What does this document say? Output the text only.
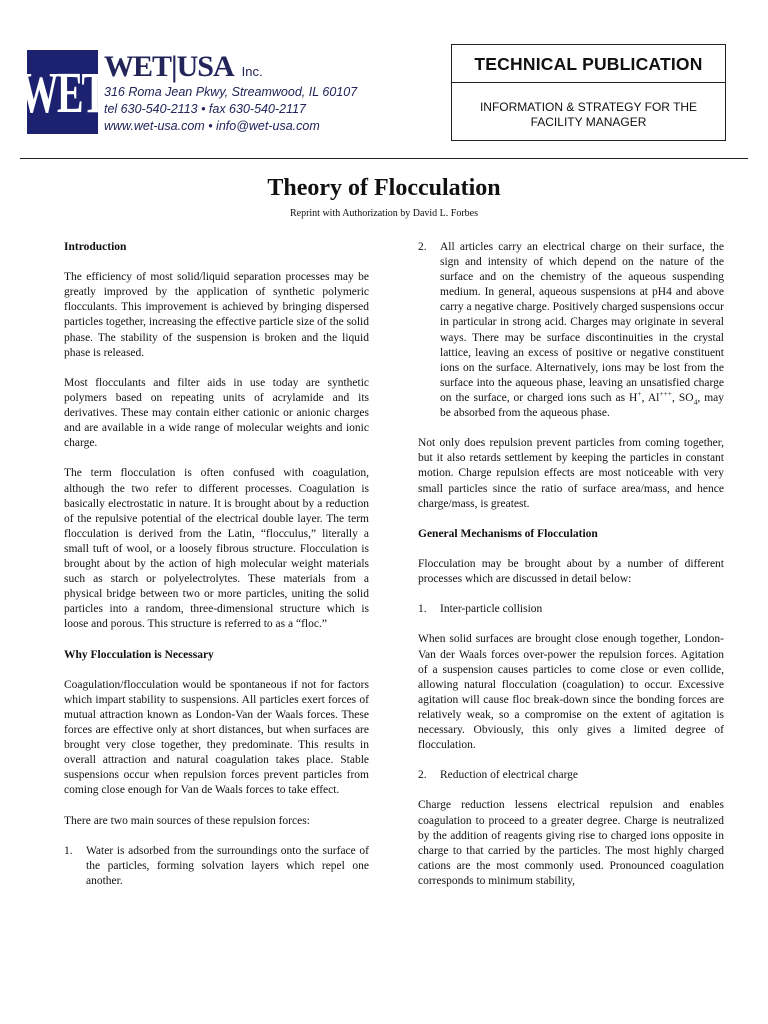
WET
WET|USA Inc.
316 Roma Jean Pkwy, Streamwood, IL 60107
tel 630-540-2113 • fax 630-540-2117
www.wet-usa.com • info@wet-usa.com
TECHNICAL PUBLICATION
INFORMATION & STRATEGY FOR THE
FACILITY MANAGER
Theory of Flocculation
Reprint with Authorization by David L. Forbes
Introduction

The efficiency of most solid/liquid separation processes may be greatly improved by the application of synthetic polymeric flocculants. This improvement is achieved by bringing dispersed particles together, increasing the effective particle size of the solid phase. The stability of the suspension is broken and the liquid phase is released.

Most flocculants and filter aids in use today are synthetic polymers based on repeating units of acrylamide and its derivatives. These may contain either cationic or anionic charges and are available in a wide range of molecular weights and ionic charge.

The term flocculation is often confused with coagulation, although the two refer to different processes. Coagulation is basically electrostatic in nature. It is brought about by a reduction of the repulsive potential of the electrical double layer. The term flocculation is derived from the Latin, “flocculus,” literally a small tuft of wool, or a loosely fibrous structure. Flocculation is brought about by the action of high molecular weight materials such as starch or polyelectrolytes. These materials from a physical bridge between two or more particles, uniting the solid particles into a random, three-dimensional structure which is loose and porous. This structure is referred to as a “floc.”

Why Flocculation is Necessary

Coagulation/flocculation would be spontaneous if not for factors which impart stability to suspensions. All particles exert forces of mutual attraction known as London-Van der Waals forces. These forces are effective only at short distances, but when surfaces are brought very close together, they predominate. This results in overall attraction and natural coagulation takes place. Stable suspensions occur when repulsion forces prevent particles from coming close enough for Van de Waals forces to take effect.

There are two main sources of these repulsion forces:

1.	Water is adsorbed from the surroundings onto the surface of the particles, forming solvation layers which repel one another.
2.	All articles carry an electrical charge on their surface, the sign and intensity of which depend on the nature of the surface and on the chemistry of the aqueous suspending medium. In general, aqueous suspensions at pH4 and above carry a negative charge. Positively charged suspensions occur in particular in strong acid. Charges may originate in several ways. There may be surface discontinuities in the crystal lattice, leaving an excess of positive or negative constituent ions on the surface. Alternatively, ions may be lost from the surface into the aqueous phase, leaving an unsatisfied charge on the surface, or charged ions such as H+, Al+++, $SO_4$, may be absorbed from the aqueous phase.

Not only does repulsion prevent particles from coming together, but it also retards settlement by keeping the particles in constant motion. Charge repulsion effects are most noticeable with very small particles since the ratio of surface area/mass, and hence charge/mass, is greatest.

General Mechanisms of Flocculation

Flocculation may be brought about by a number of different processes which are discussed in detail below:

1.	Inter-particle collision

When solid surfaces are brought close enough together, London-Van der Waals forces over-power the repulsion forces. Agitation of a suspension causes particles to come close or even collide, allowing natural flocculation (coagulation) to occur. Excessive agitation will cause floc break-down since the bonding forces are relatively weak, so a compromise on the extent of agitation is necessary. Obviously, this only gives a limited degree of flocculation.

2.	Reduction of electrical charge

Charge reduction lessens electrical repulsion and enables coagulation to proceed to a greater degree. Charge is neutralized by the addition of reagents giving rise to charged ions opposite in charge to that carried by the particles. The most highly charged cations are the most commonly used. Pronounced coagulation corresponds to minimum stability,
